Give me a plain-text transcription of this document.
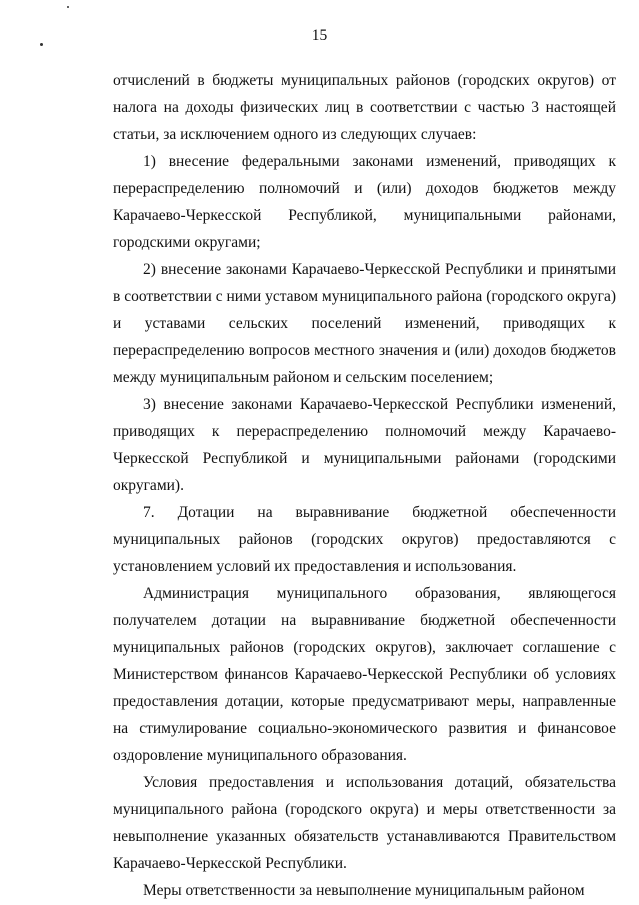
15

отчислений в бюджеты муниципальных районов (городских округов) от налога на доходы физических лиц в соответствии с частью 3 настоящей статьи, за исключением одного из следующих случаев:

1) внесение федеральными законами изменений, приводящих к перераспределению полномочий и (или) доходов бюджетов между Карачаево-Черкесской Республикой, муниципальными районами, городскими округами;

2) внесение законами Карачаево-Черкесской Республики и принятыми в соответствии с ними уставом муниципального района (городского округа) и уставами сельских поселений изменений, приводящих к перераспределению вопросов местного значения и (или) доходов бюджетов между муниципальным районом и сельским поселением;

3) внесение законами Карачаево-Черкесской Республики изменений, приводящих к перераспределению полномочий между Карачаево-Черкесской Республикой и муниципальными районами (городскими округами).

7. Дотации на выравнивание бюджетной обеспеченности муниципальных районов (городских округов) предоставляются с установлением условий их предоставления и использования.

Администрация муниципального образования, являющегося получателем дотации на выравнивание бюджетной обеспеченности муниципальных районов (городских округов), заключает соглашение с Министерством финансов Карачаево-Черкесской Республики об условиях предоставления дотации, которые предусматривают меры, направленные на стимулирование социально-экономического развития и финансовое оздоровление муниципального образования.

Условия предоставления и использования дотаций, обязательства муниципального района (городского округа) и меры ответственности за невыполнение указанных обязательств устанавливаются Правительством Карачаево-Черкесской Республики.

Меры ответственности за невыполнение муниципальным районом
